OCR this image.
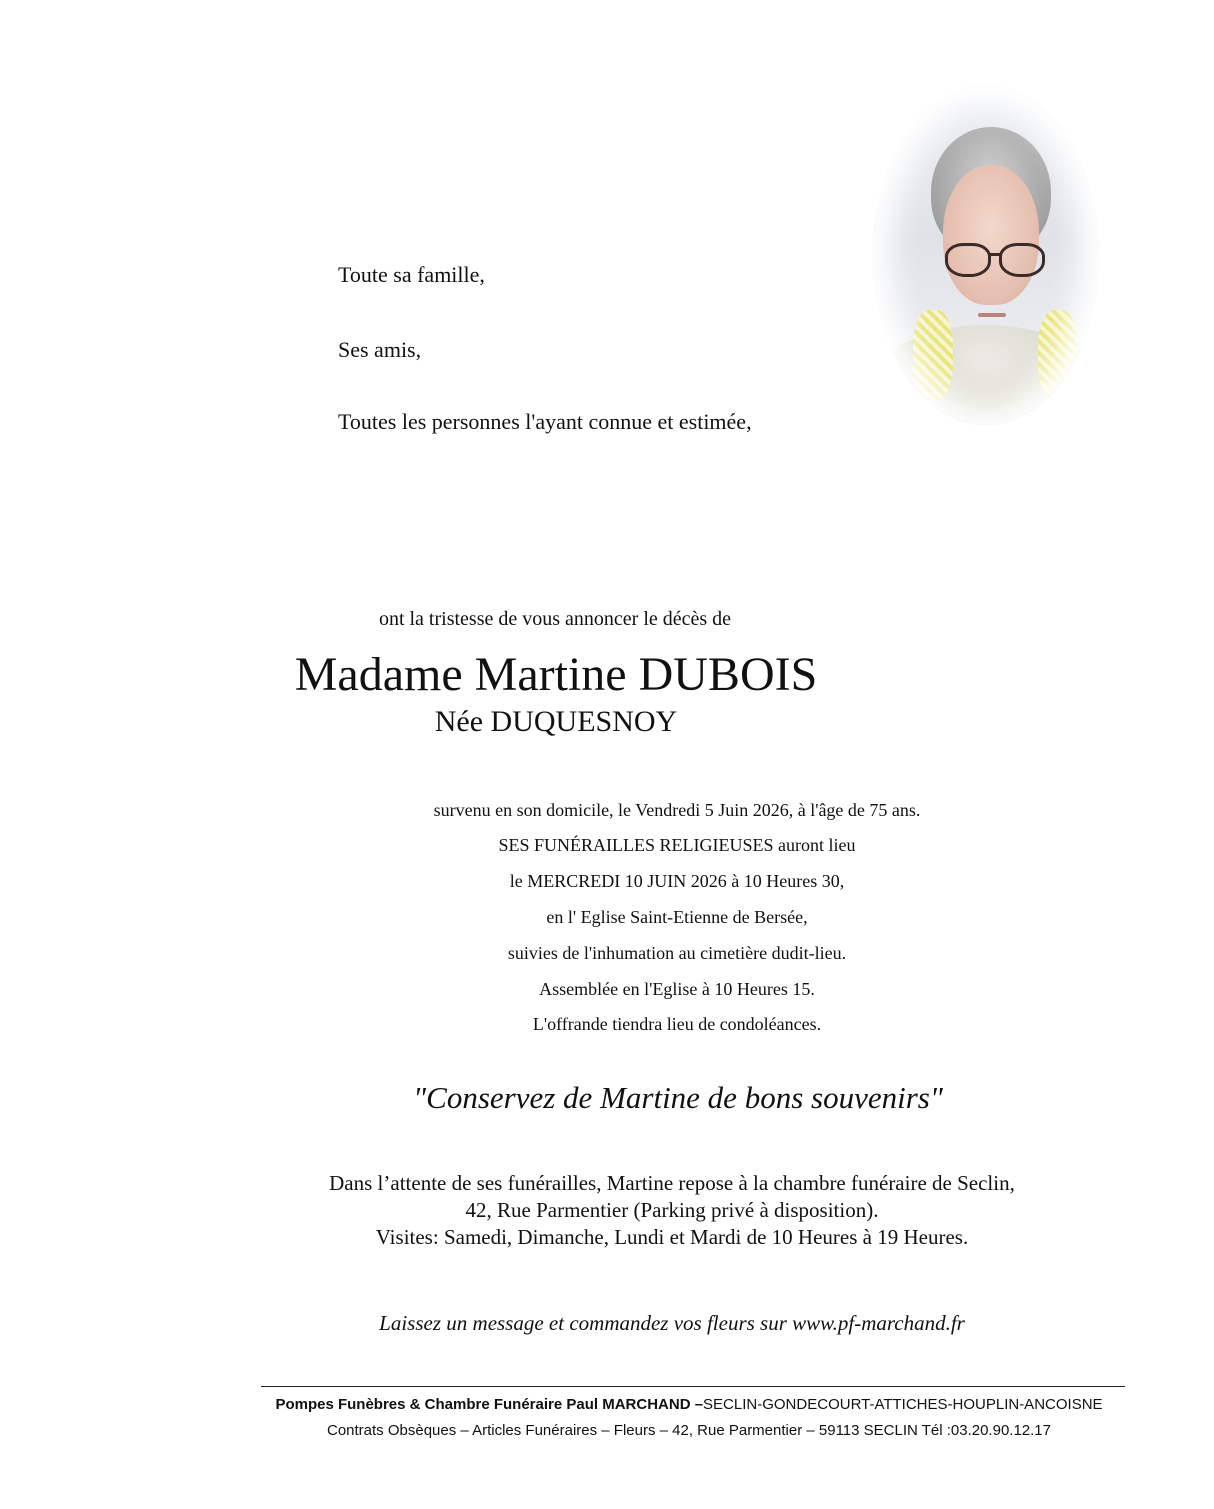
Toute sa famille,
Ses amis,
Toutes les personnes l'ayant connue et estimée,
ont la tristesse de vous annoncer le décès de
Madame Martine DUBOIS
Née DUQUESNOY
survenu en son domicile, le Vendredi 5 Juin 2026, à l'âge de 75 ans.
SES FUNÉRAILLES RELIGIEUSES auront lieu
le MERCREDI 10 JUIN 2026 à 10 Heures 30,
en l' Eglise Saint-Etienne de Bersée,
suivies de l'inhumation au cimetière dudit-lieu.
Assemblée en l'Eglise à 10 Heures 15.
L'offrande tiendra lieu de condoléances.
"Conservez de Martine de bons souvenirs"
Dans l’attente de ses funérailles, Martine repose à la chambre funéraire de Seclin,
42, Rue Parmentier (Parking privé à disposition).
Visites: Samedi, Dimanche, Lundi et Mardi de 10 Heures à 19 Heures.
Laissez un message et commandez vos fleurs sur www.pf-marchand.fr
Pompes Funèbres & Chambre Funéraire Paul MARCHAND –SECLIN-GONDECOURT-ATTICHES-HOUPLIN-ANCOISNE
Contrats Obsèques – Articles Funéraires – Fleurs – 42, Rue Parmentier – 59113 SECLIN Tél :03.20.90.12.17
